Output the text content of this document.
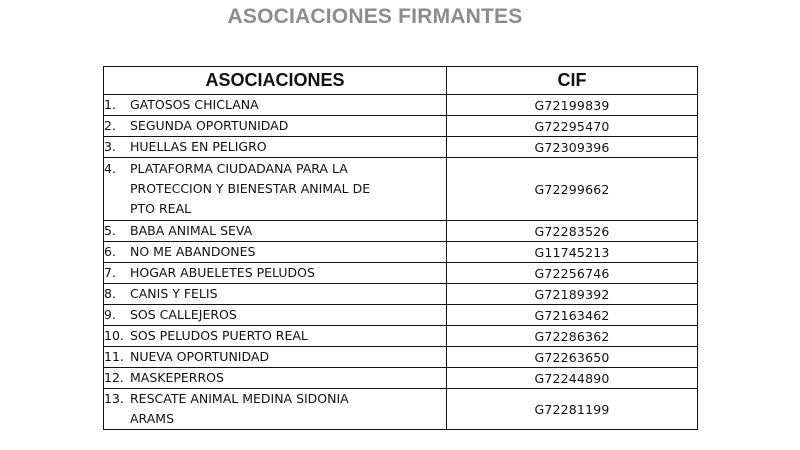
ASOCIACIONES FIRMANTES
ASOCIACIONES	CIF

1. GATOSOS CHICLANA	G72199839

2. SEGUNDA OPORTUNIDAD	G72295470

3. HUELLAS EN PELIGRO	G72309396

4. PLATAFORMA CIUDADANA PARA LA
PROTECCION Y BIENESTAR ANIMAL DE
PTO REAL	G72299662

5. BABA ANIMAL SEVA	G72283526

6. NO ME ABANDONES	G11745213

7. HOGAR ABUELETES PELUDOS	G72256746

8. CANIS Y FELIS	G72189392

9. SOS CALLEJEROS	G72163462

10. SOS PELUDOS PUERTO REAL	G72286362

11. NUEVA OPORTUNIDAD	G72263650

12. MASKEPERROS	G72244890

13. RESCATE ANIMAL MEDINA SIDONIA
ARAMS	G72281199
